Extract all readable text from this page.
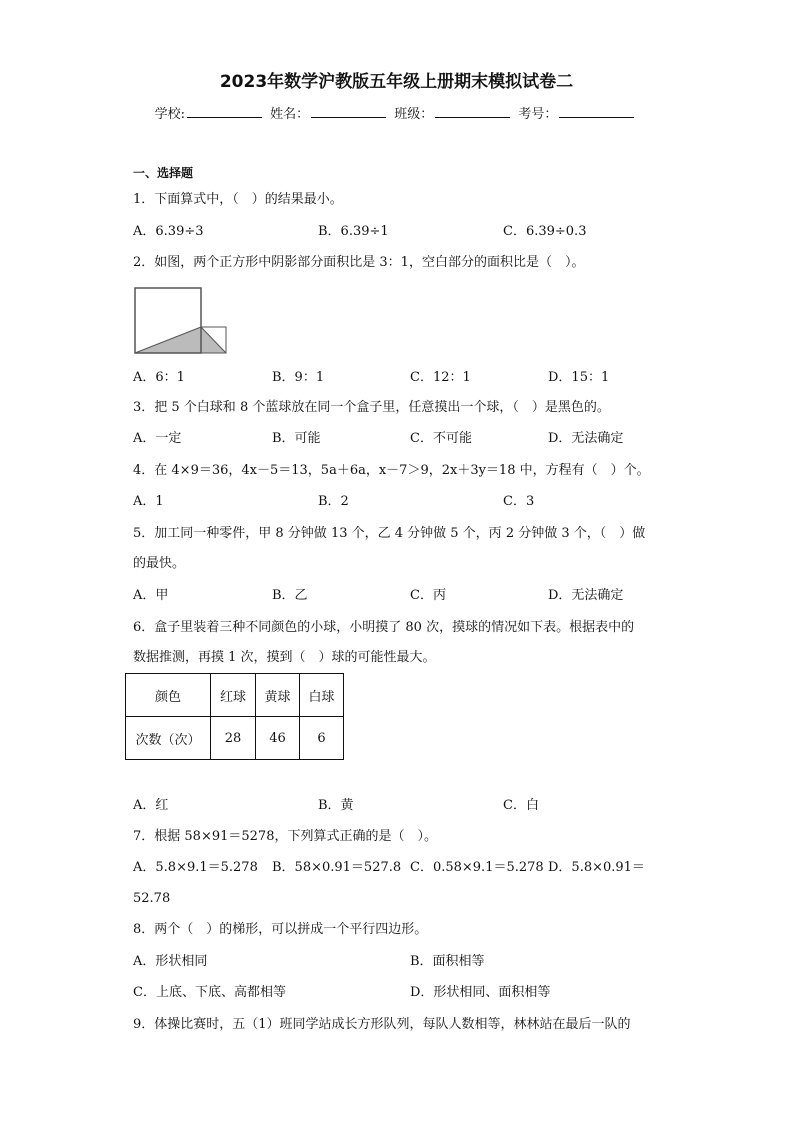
2023年数学沪教版五年级上册期末模拟试卷二
学校:	姓名：	班级：	考号：
一、选择题
1．下面算式中，（　）的结果最小。
A．6.39÷3	B．6.39÷1	C．6.39÷0.3
2．如图，两个正方形中阴影部分面积比是 3：1，空白部分的面积比是（　）。
A．6：1	B．9：1	C．12：1	D．15：1
3．把 5 个白球和 8 个蓝球放在同一个盒子里，任意摸出一个球，（　）是黑色的。
A．一定	B．可能	C．不可能	D．无法确定
4．在 4×9＝36，4x－5＝13，5a＋6a，x－7＞9，2x＋3y＝18 中，方程有（　）个。
A．1	B．2	C．3
5．加工同一种零件，甲 8 分钟做 13 个，乙 4 分钟做 5 个，丙 2 分钟做 3 个，（　）做
的最快。
A．甲	B．乙	C．丙	D．无法确定
6．盒子里装着三种不同颜色的小球，小明摸了 80 次，摸球的情况如下表。根据表中的
数据推测，再摸 1 次，摸到（　）球的可能性最大。
颜色	红球	黄球	白球
次数（次）	28	46	6
A．红	B．黄	C．白
7．根据 58×91＝5278，下列算式正确的是（　）。
A．5.8×9.1＝5.278 B．58×0.91＝527.8 C．0.58×9.1＝5.278 D．5.8×0.91＝
52.78
8．两个（　）的梯形，可以拼成一个平行四边形。
A．形状相同	B．面积相等
C．上底、下底、高都相等	D．形状相同、面积相等
9．体操比赛时，五（1）班同学站成长方形队列，每队人数相等，林林站在最后一队的
